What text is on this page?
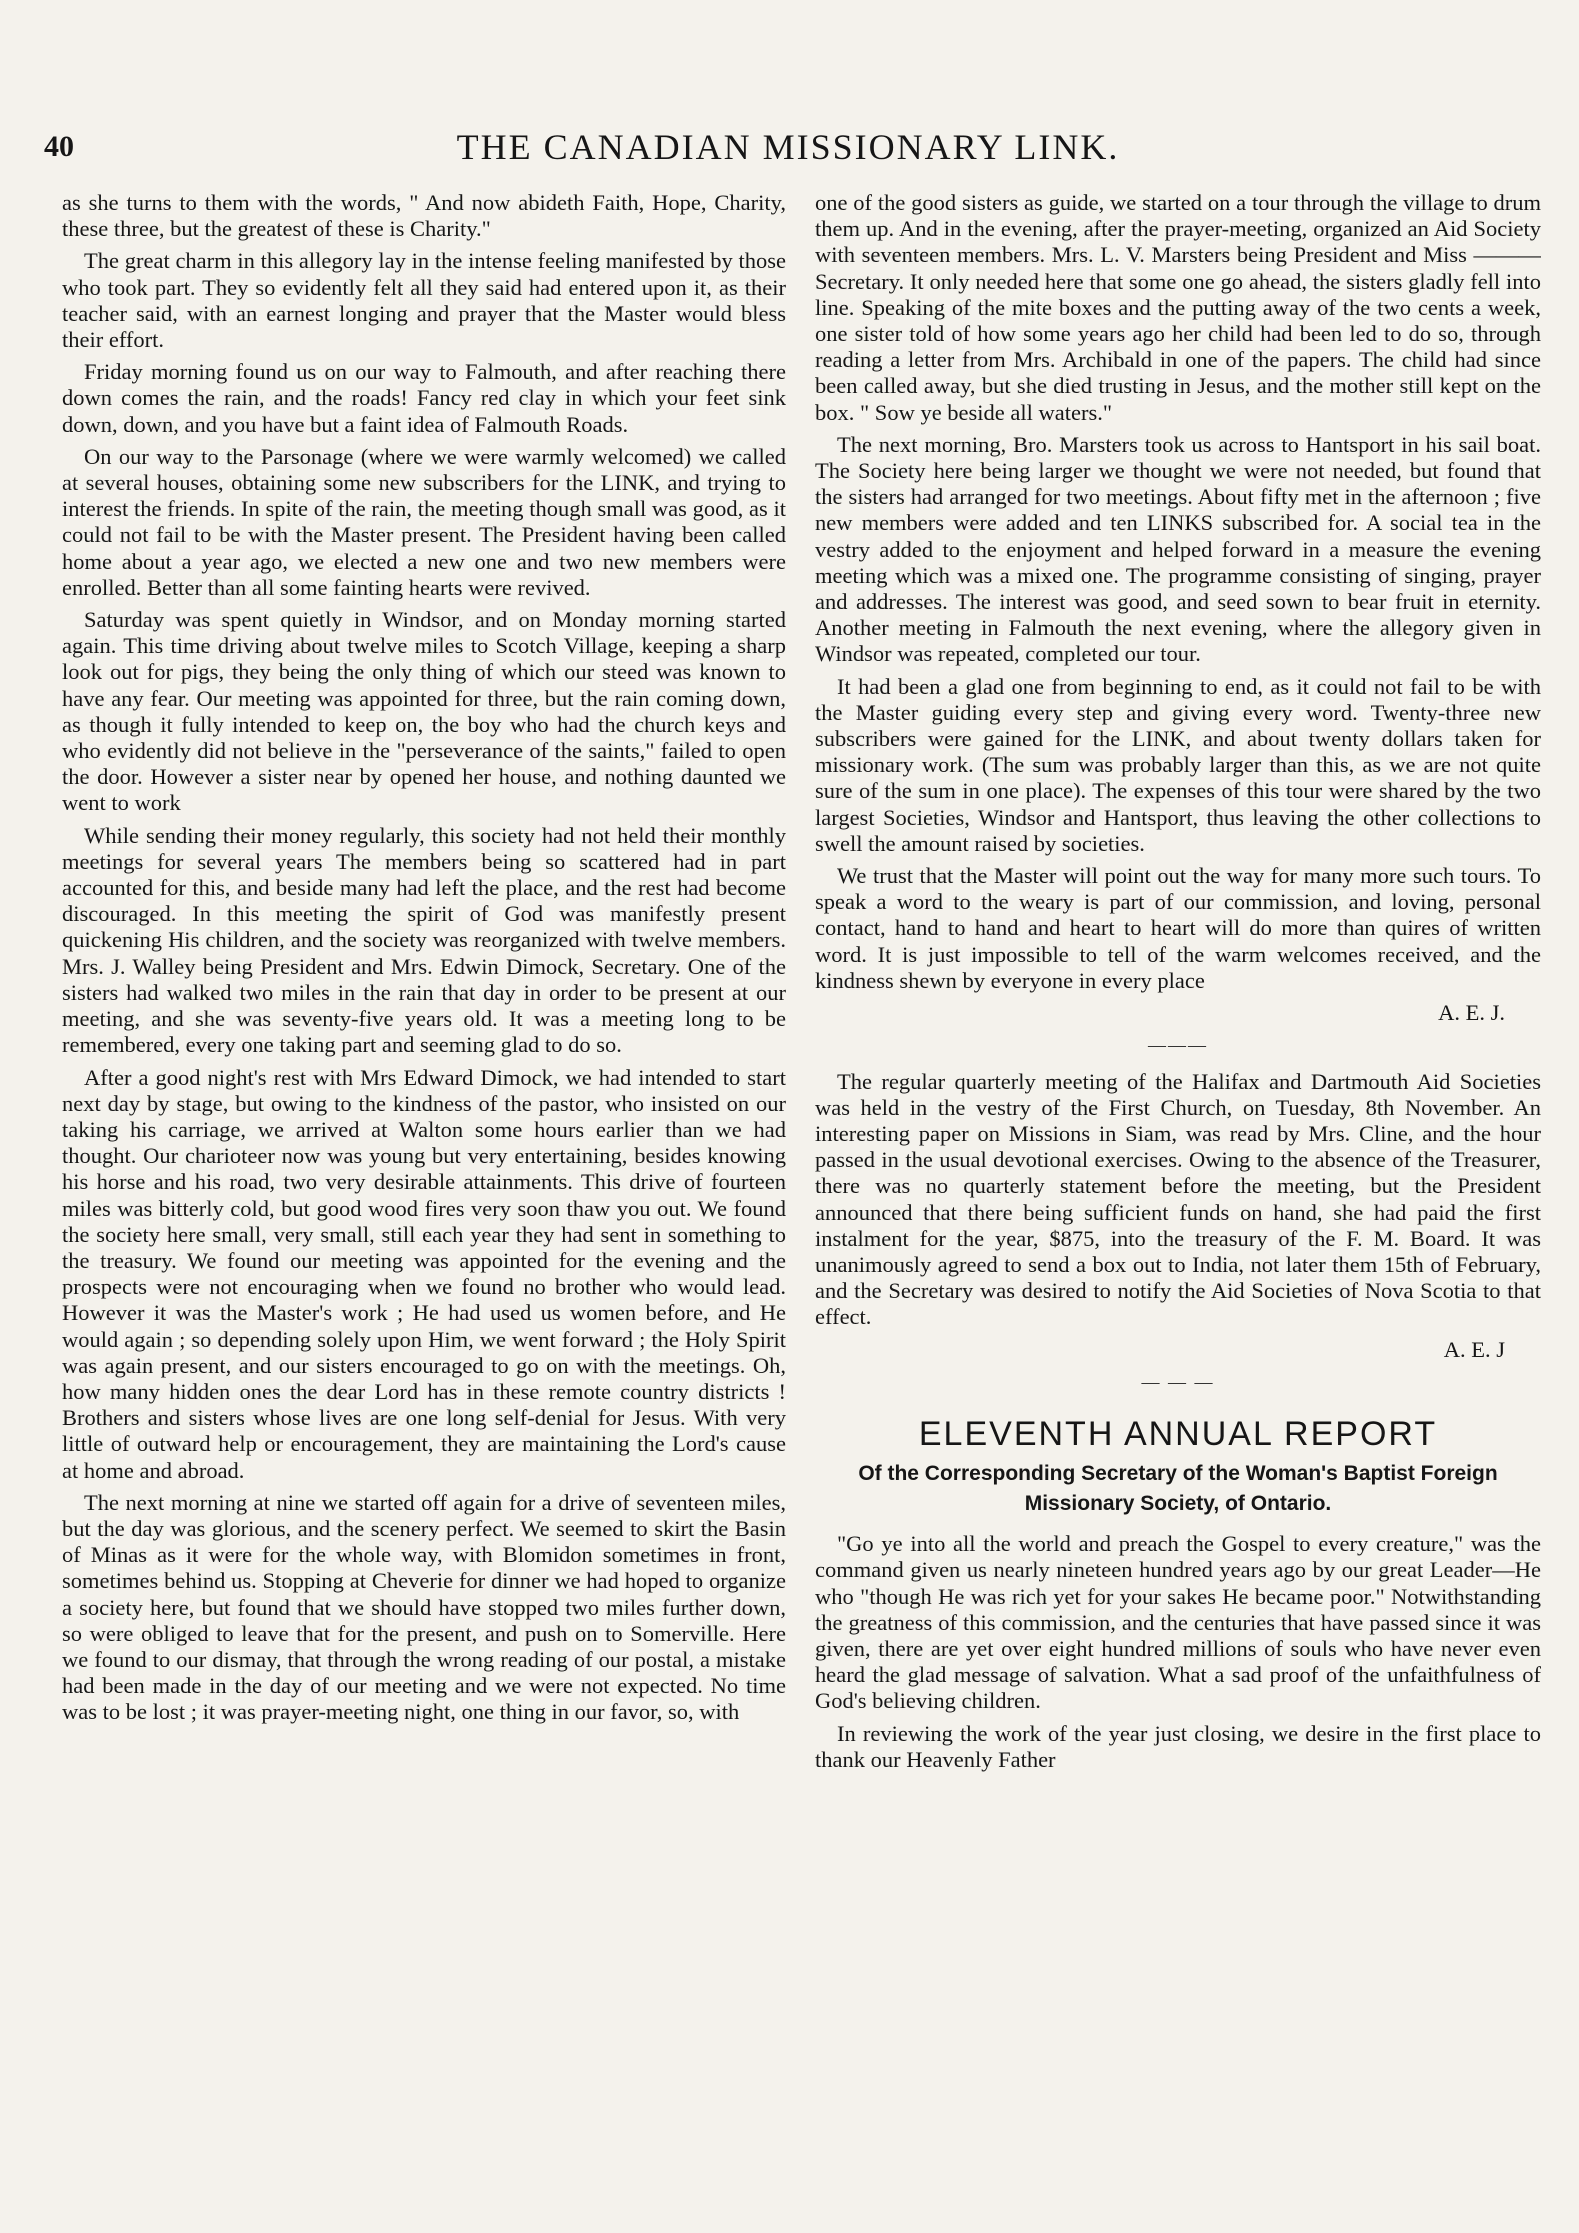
40	THE CANADIAN MISSIONARY LINK.

as she turns to them with the words, " And now abideth Faith, Hope, Charity, these three, but the greatest of these is Charity."

The great charm in this allegory lay in the intense feeling manifested by those who took part. They so evidently felt all they said had entered upon it, as their teacher said, with an earnest longing and prayer that the Master would bless their effort.

Friday morning found us on our way to Falmouth, and after reaching there down comes the rain, and the roads! Fancy red clay in which your feet sink down, down, and you have but a faint idea of Falmouth Roads.

On our way to the Parsonage (where we were warmly welcomed) we called at several houses, obtaining some new subscribers for the LINK, and trying to interest the friends. In spite of the rain, the meeting though small was good, as it could not fail to be with the Master present. The President having been called home about a year ago, we elected a new one and two new members were enrolled. Better than all some fainting hearts were revived.

Saturday was spent quietly in Windsor, and on Monday morning started again. This time driving about twelve miles to Scotch Village, keeping a sharp look out for pigs, they being the only thing of which our steed was known to have any fear. Our meeting was appointed for three, but the rain coming down, as though it fully intended to keep on, the boy who had the church keys and who evidently did not believe in the "perseverance of the saints," failed to open the door. However a sister near by opened her house, and nothing daunted we went to work

While sending their money regularly, this society had not held their monthly meetings for several years The members being so scattered had in part accounted for this, and beside many had left the place, and the rest had become discouraged. In this meeting the spirit of God was manifestly present quickening His children, and the society was reorganized with twelve members. Mrs. J. Walley being President and Mrs. Edwin Dimock, Secretary. One of the sisters had walked two miles in the rain that day in order to be present at our meeting, and she was seventy-five years old. It was a meeting long to be remembered, every one taking part and seeming glad to do so.

After a good night's rest with Mrs Edward Dimock, we had intended to start next day by stage, but owing to the kindness of the pastor, who insisted on our taking his carriage, we arrived at Walton some hours earlier than we had thought. Our charioteer now was young but very entertaining, besides knowing his horse and his road, two very desirable attainments. This drive of fourteen miles was bitterly cold, but good wood fires very soon thaw you out. We found the society here small, very small, still each year they had sent in something to the treasury. We found our meeting was appointed for the evening and the prospects were not encouraging when we found no brother who would lead. However it was the Master's work ; He had used us women before, and He would again ; so depending solely upon Him, we went forward ; the Holy Spirit was again present, and our sisters encouraged to go on with the meetings. Oh, how many hidden ones the dear Lord has in these remote country districts ! Brothers and sisters whose lives are one long self-denial for Jesus. With very little of outward help or encouragement, they are maintaining the Lord's cause at home and abroad.

The next morning at nine we started off again for a drive of seventeen miles, but the day was glorious, and the scenery perfect. We seemed to skirt the Basin of Minas as it were for the whole way, with Blomidon sometimes in front, sometimes behind us. Stopping at Cheverie for dinner we had hoped to organize a society here, but found that we should have stopped two miles further down, so were obliged to leave that for the present, and push on to Somerville. Here we found to our dismay, that through the wrong reading of our postal, a mistake had been made in the day of our meeting and we were not expected. No time was to be lost ; it was prayer-meeting night, one thing in our favor, so, with

one of the good sisters as guide, we started on a tour through the village to drum them up. And in the evening, after the prayer-meeting, organized an Aid Society with seventeen members. Mrs. L. V. Marsters being President and Miss ——— Secretary. It only needed here that some one go ahead, the sisters gladly fell into line. Speaking of the mite boxes and the putting away of the two cents a week, one sister told of how some years ago her child had been led to do so, through reading a letter from Mrs. Archibald in one of the papers. The child had since been called away, but she died trusting in Jesus, and the mother still kept on the box. " Sow ye beside all waters."

The next morning, Bro. Marsters took us across to Hantsport in his sail boat. The Society here being larger we thought we were not needed, but found that the sisters had arranged for two meetings. About fifty met in the afternoon ; five new members were added and ten LINKS subscribed for. A social tea in the vestry added to the enjoyment and helped forward in a measure the evening meeting which was a mixed one. The programme consisting of singing, prayer and addresses. The interest was good, and seed sown to bear fruit in eternity. Another meeting in Falmouth the next evening, where the allegory given in Windsor was repeated, completed our tour.

It had been a glad one from beginning to end, as it could not fail to be with the Master guiding every step and giving every word. Twenty-three new subscribers were gained for the LINK, and about twenty dollars taken for missionary work. (The sum was probably larger than this, as we are not quite sure of the sum in one place). The expenses of this tour were shared by the two largest Societies, Windsor and Hantsport, thus leaving the other collections to swell the amount raised by societies.

We trust that the Master will point out the way for many more such tours. To speak a word to the weary is part of our commission, and loving, personal contact, hand to hand and heart to heart will do more than quires of written word. It is just impossible to tell of the warm welcomes received, and the kindness shewn by everyone in every place

A. E. J.
———

The regular quarterly meeting of the Halifax and Dartmouth Aid Societies was held in the vestry of the First Church, on Tuesday, 8th November. An interesting paper on Missions in Siam, was read by Mrs. Cline, and the hour passed in the usual devotional exercises. Owing to the absence of the Treasurer, there was no quarterly statement before the meeting, but the President announced that there being sufficient funds on hand, she had paid the first instalment for the year, $875, into the treasury of the F. M. Board. It was unanimously agreed to send a box out to India, not later them 15th of February, and the Secretary was desired to notify the Aid Societies of Nova Scotia to that effect.

A. E. J
— — —
ELEVENTH ANNUAL REPORT
Of the Corresponding Secretary of the Woman's Baptist Foreign Missionary Society, of Ontario.

"Go ye into all the world and preach the Gospel to every creature," was the command given us nearly nineteen hundred years ago by our great Leader—He who "though He was rich yet for your sakes He became poor." Notwithstanding the greatness of this commission, and the centuries that have passed since it was given, there are yet over eight hundred millions of souls who have never even heard the glad message of salvation. What a sad proof of the unfaithfulness of God's believing children.

In reviewing the work of the year just closing, we desire in the first place to thank our Heavenly Father
